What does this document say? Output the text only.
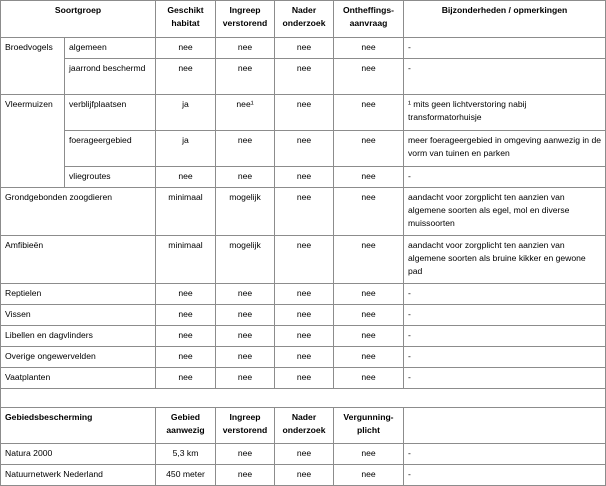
Soortgroep		Geschikt habitat	Ingreep verstorend	Nader onderzoek	Ontheffings-aanvraag	Bijzonderheden / opmerkingen
Broedvogels	algemeen	nee	nee	nee	nee	-
	jaarrond beschermd	nee	nee	nee	nee	-
Vleermuizen	verblijfplaatsen	ja	nee¹	nee	nee	¹ mits geen lichtverstoring nabij transformatorhuisje
	foerageergebied	ja	nee	nee	nee	meer foerageergebied in omgeving aanwezig in de vorm van tuinen en parken
	vliegroutes	nee	nee	nee	nee	-
Grondgebonden zoogdieren		minimaal	mogelijk	nee	nee	aandacht voor zorgplicht ten aanzien van algemene soorten als egel, mol en diverse muissoorten
Amfibieën		minimaal	mogelijk	nee	nee	aandacht voor zorgplicht ten aanzien van algemene soorten als bruine kikker en gewone pad
Reptielen		nee	nee	nee	nee	-
Vissen		nee	nee	nee	nee	-
Libellen en dagvlinders		nee	nee	nee	nee	-
Overige ongewervelden		nee	nee	nee	nee	-
Vaatplanten		nee	nee	nee	nee	-

Gebiedsbescherming		Gebied aanwezig	Ingreep verstorend	Nader onderzoek	Vergunning-plicht	
Natura 2000		5,3 km	nee	nee	nee	-
Natuurnetwerk Nederland		450 meter	nee	nee	nee	-
